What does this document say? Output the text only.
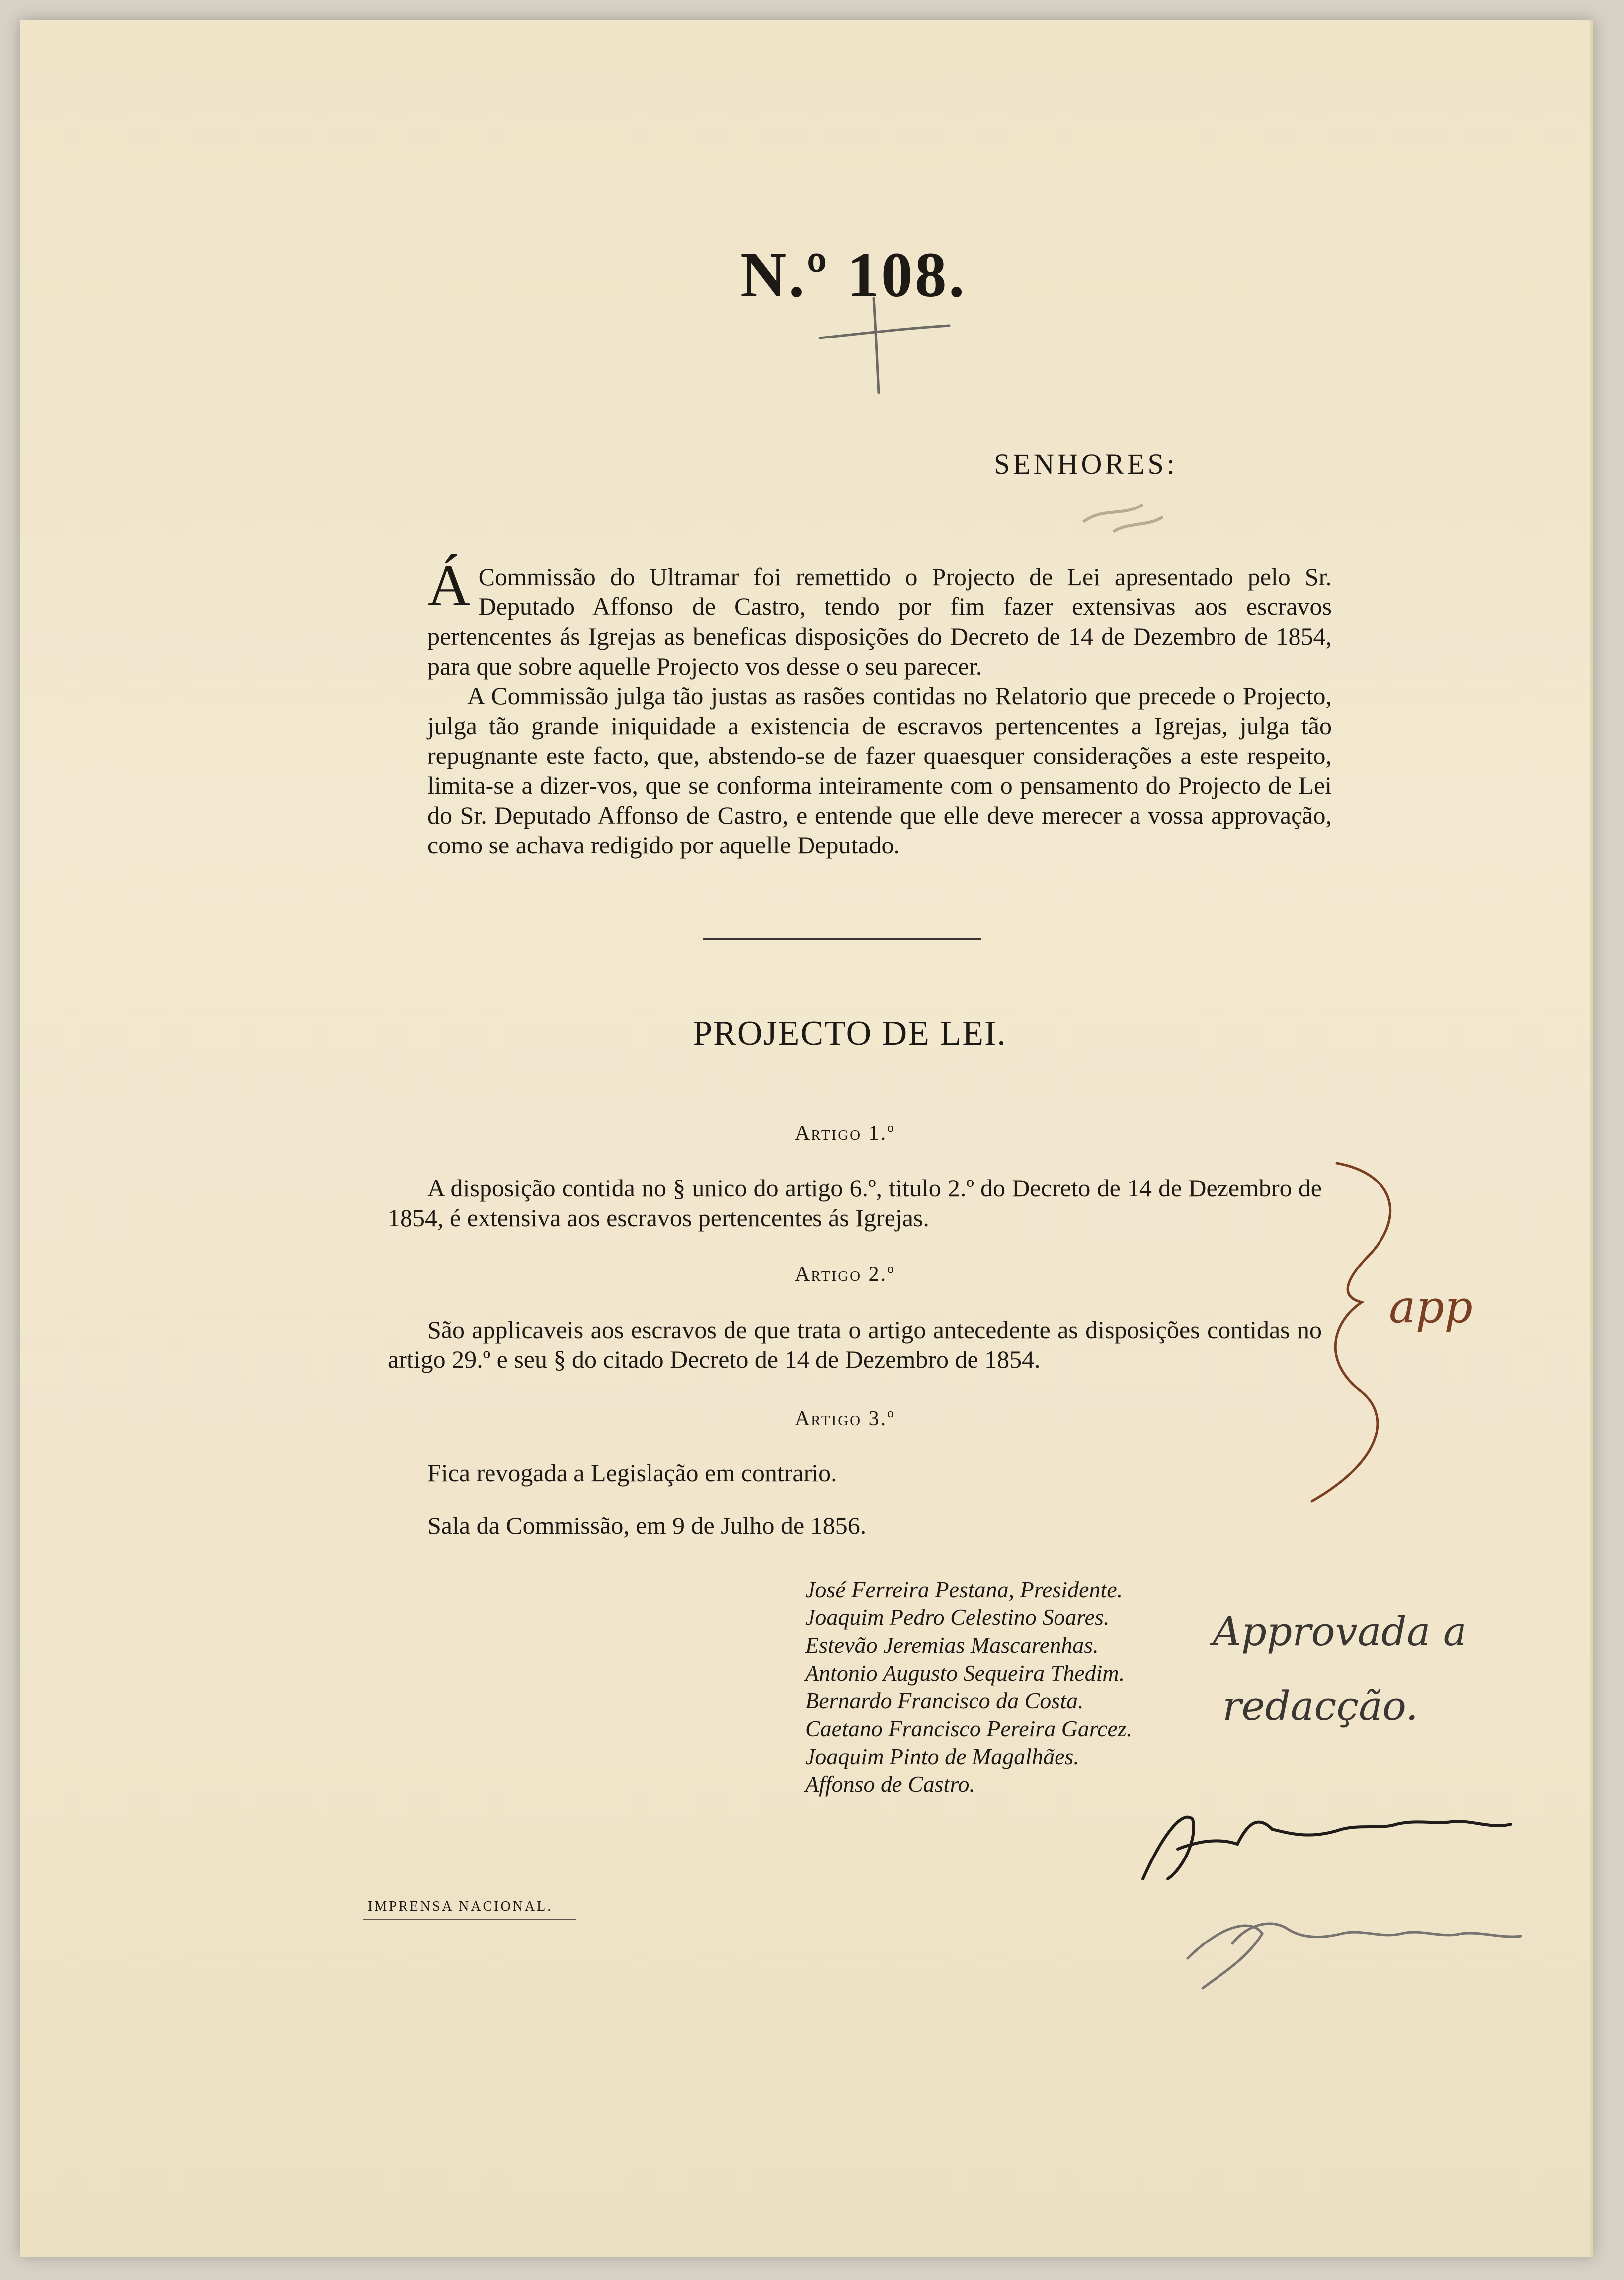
N.º 108.
SENHORES:

Á Commissão do Ultramar foi remettido o Projecto de Lei apresentado pelo Sr. Deputado Affonso de Castro, tendo por fim fazer extensivas aos escravos pertencentes ás Igrejas as beneficas disposições do Decreto de 14 de Dezembro de 1854, para que sobre aquelle Projecto vos desse o seu parecer.

A Commissão julga tão justas as rasões contidas no Relatorio que precede o Projecto, julga tão grande iniquidade a existencia de escravos pertencentes a Igrejas, julga tão repugnante este facto, que, abstendo-se de fazer quaesquer considerações a este respeito, limita-se a dizer-vos, que se conforma inteiramente com o pensamento do Projecto de Lei do Sr. Deputado Affonso de Castro, e entende que elle deve merecer a vossa approvação, como se achava redigido por aquelle Deputado.

PROJECTO DE LEI.
Artigo 1.º

A disposição contida no § unico do artigo 6.º, titulo 2.º do Decreto de 14 de Dezembro de 1854, é extensiva aos escravos pertencentes ás Igrejas.

Artigo 2.º

São applicaveis aos escravos de que trata o artigo antecedente as disposições contidas no artigo 29.º e seu § do citado Decreto de 14 de Dezembro de 1854.

Artigo 3.º

Fica revogada a Legislação em contrario.

Sala da Commissão, em 9 de Julho de 1856.
José Ferreira Pestana, Presidente.
Joaquim Pedro Celestino Soares.
Estevão Jeremias Mascarenhas.
Antonio Augusto Sequeira Thedim.
Bernardo Francisco da Costa.
Caetano Francisco Pereira Garcez.
Joaquim Pinto de Magalhães.
Affonso de Castro.
IMPRENSA NACIONAL.
app
Approvada a
redacção.
